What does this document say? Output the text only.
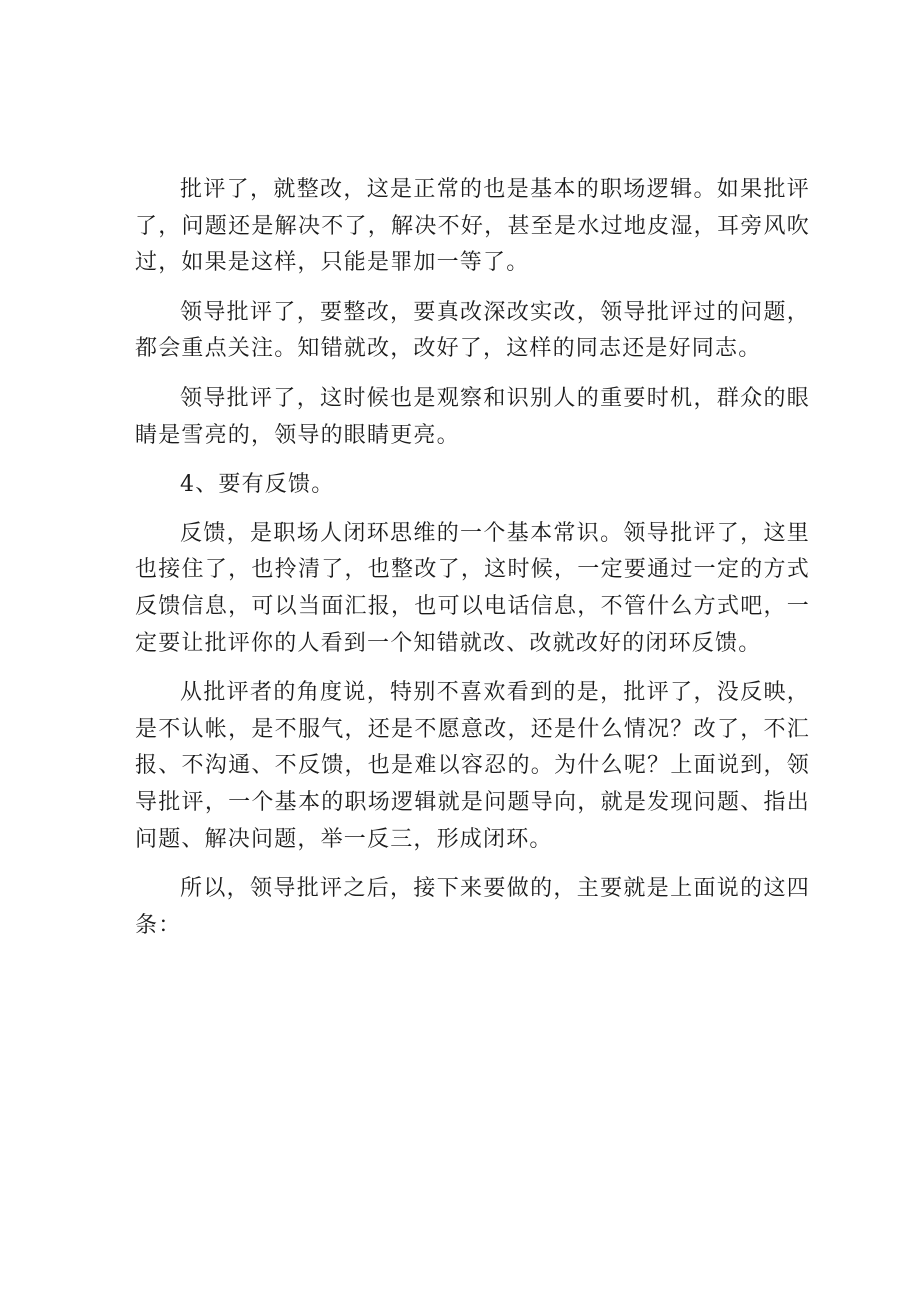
批评了，就整改，这是正常的也是基本的职场逻辑。如果批评了，问题还是解决不了，解决不好，甚至是水过地皮湿，耳旁风吹过，如果是这样，只能是罪加一等了。

领导批评了，要整改，要真改深改实改，领导批评过的问题，都会重点关注。知错就改，改好了，这样的同志还是好同志。

领导批评了，这时候也是观察和识别人的重要时机，群众的眼睛是雪亮的，领导的眼睛更亮。

4、要有反馈。

反馈，是职场人闭环思维的一个基本常识。领导批评了，这里也接住了，也拎清了，也整改了，这时候，一定要通过一定的方式反馈信息，可以当面汇报，也可以电话信息，不管什么方式吧，一定要让批评你的人看到一个知错就改、改就改好的闭环反馈。

从批评者的角度说，特别不喜欢看到的是，批评了，没反映，是不认帐，是不服气，还是不愿意改，还是什么情况？改了，不汇报、不沟通、不反馈，也是难以容忍的。为什么呢？上面说到，领导批评，一个基本的职场逻辑就是问题导向，就是发现问题、指出问题、解决问题，举一反三，形成闭环。

所以，领导批评之后，接下来要做的，主要就是上面说的这四条：
